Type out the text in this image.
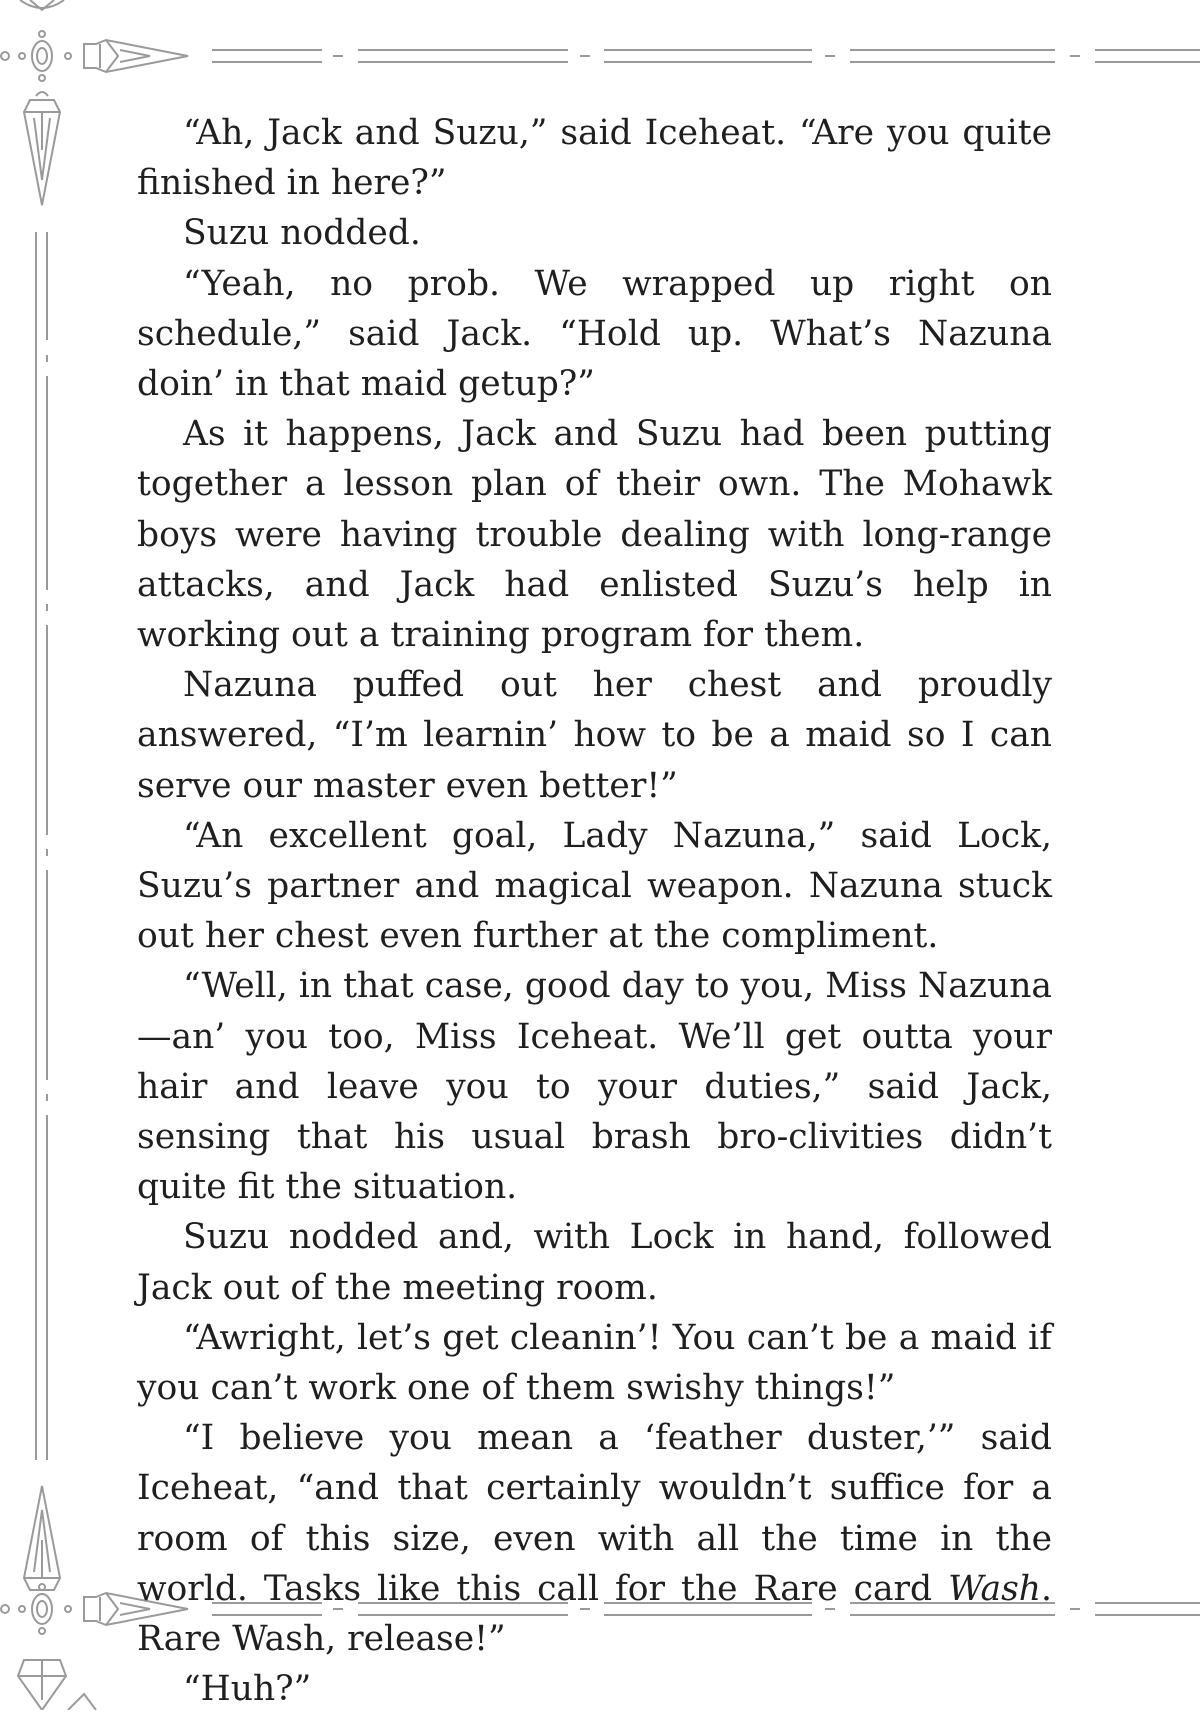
“Ah, Jack and Suzu,” said Iceheat. “Are you quite finished in here?”

Suzu nodded.

“Yeah, no prob. We wrapped up right on schedule,” said Jack. “Hold up. What’s Nazuna doin’ in that maid getup?”

As it happens, Jack and Suzu had been putting together a lesson plan of their own. The Mohawk boys were having trouble dealing with long-range attacks, and Jack had enlisted Suzu’s help in working out a training program for them.

Nazuna puffed out her chest and proudly answered, “I’m learnin’ how to be a maid so I can serve our master even better!”

“An excellent goal, Lady Nazuna,” said Lock, Suzu’s partner and magical weapon. Nazuna stuck out her chest even further at the compliment.

“Well, in that case, good day to you, Miss Nazuna—an’ you too, Miss Iceheat. We’ll get outta your hair and leave you to your duties,” said Jack, sensing that his usual brash bro-clivities didn’t quite fit the situation.

Suzu nodded and, with Lock in hand, followed Jack out of the meeting room.

“Awright, let’s get cleanin’! You can’t be a maid if you can’t work one of them swishy things!”

“I believe you mean a ‘feather duster,’” said Iceheat, “and that certainly wouldn’t suffice for a room of this size, even with all the time in the world. Tasks like this call for the Rare card Wash. Rare Wash, release!”

“Huh?”
